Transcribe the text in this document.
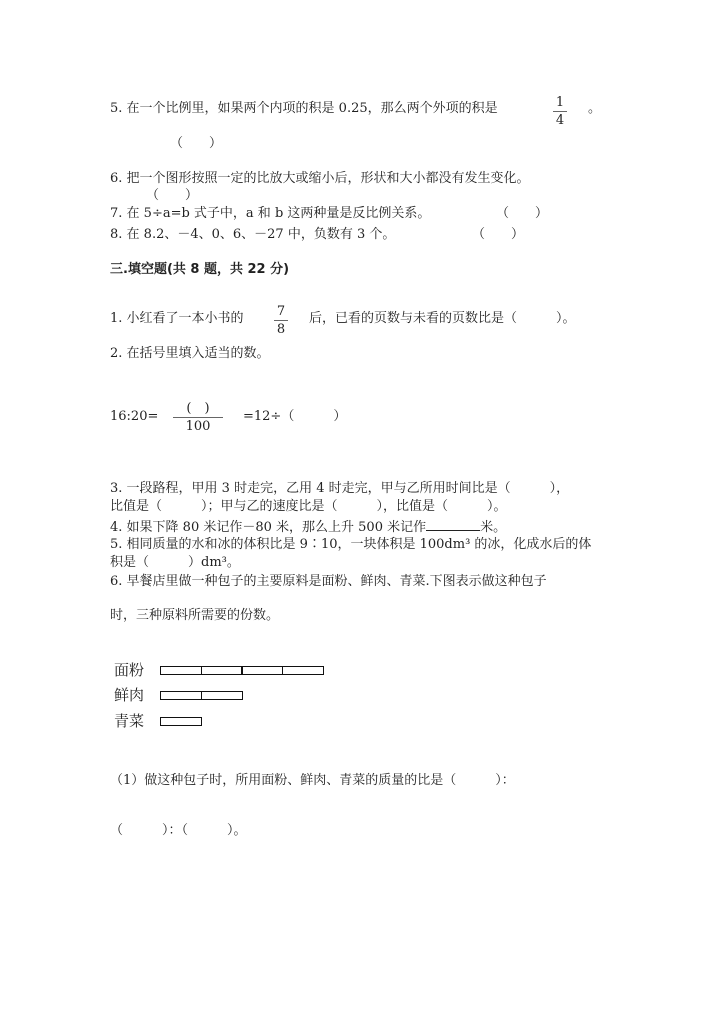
5. 在一个比例里，如果两个内项的积是 0.25，那么两个外项的积是	1
4
。
（　　）
6. 把一个图形按照一定的比放大或缩小后，形状和大小都没有发生变化。
（　　）
7. 在 5÷a=b 式子中，a 和 b 这两种量是反比例关系。	（　　）
8. 在 8.2、－4、0、6、－27 中，负数有 3 个。	（　　）
三.填空题(共 8 题，共 22 分)
1. 小红看了一本小书的	7
8
后，已看的页数与未看的页数比是（　　　）。
2. 在括号里填入适当的数。
16:20=
(　)
100
=12÷（　　　）
3. 一段路程，甲用 3 时走完，乙用 4 时走完，甲与乙所用时间比是（　　　），
比值是（　　　）；甲与乙的速度比是（　　　），比值是（　　　）。
4. 如果下降 80 米记作－80 米，那么上升 500 米记作	米。
5. 相同质量的水和冰的体积比是 9∶10，一块体积是 100dm³ 的冰，化成水后的体
积是（　　　）dm³。
6. 早餐店里做一种包子的主要原料是面粉、鲜肉、青菜.下图表示做这种包子
时，三种原料所需要的份数。
面粉
鲜肉
青菜
（1）做这种包子时，所用面粉、鲜肉、青菜的质量的比是（　　　）：
（　　　）：（　　　）。
